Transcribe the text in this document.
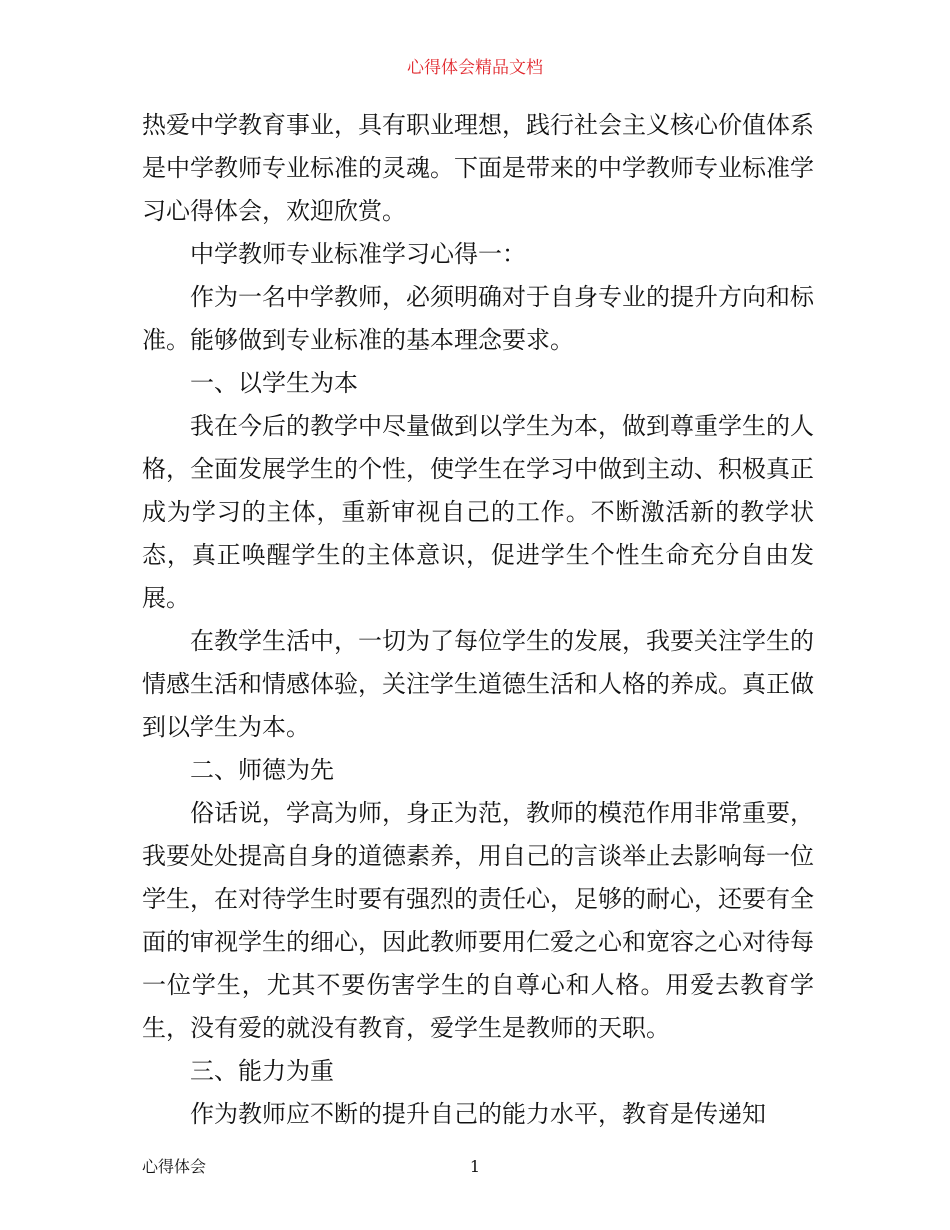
心得体会精品文档

热爱中学教育事业，具有职业理想，践行社会主义核心价值体系是中学教师专业标准的灵魂。下面是带来的中学教师专业标准学习心得体会，欢迎欣赏。

中学教师专业标准学习心得一：

作为一名中学教师，必须明确对于自身专业的提升方向和标准。能够做到专业标准的基本理念要求。

一、以学生为本

我在今后的教学中尽量做到以学生为本，做到尊重学生的人格，全面发展学生的个性，使学生在学习中做到主动、积极真正成为学习的主体，重新审视自己的工作。不断激活新的教学状态，真正唤醒学生的主体意识，促进学生个性生命充分自由发展。

在教学生活中，一切为了每位学生的发展，我要关注学生的情感生活和情感体验，关注学生道德生活和人格的养成。真正做到以学生为本。

二、师德为先

俗话说，学高为师，身正为范，教师的模范作用非常重要，我要处处提高自身的道德素养，用自己的言谈举止去影响每一位学生，在对待学生时要有强烈的责任心，足够的耐心，还要有全面的审视学生的细心，因此教师要用仁爱之心和宽容之心对待每一位学生，尤其不要伤害学生的自尊心和人格。用爱去教育学生，没有爱的就没有教育，爱学生是教师的天职。

三、能力为重

作为教师应不断的提升自己的能力水平，教育是传递知

心得体会	1
